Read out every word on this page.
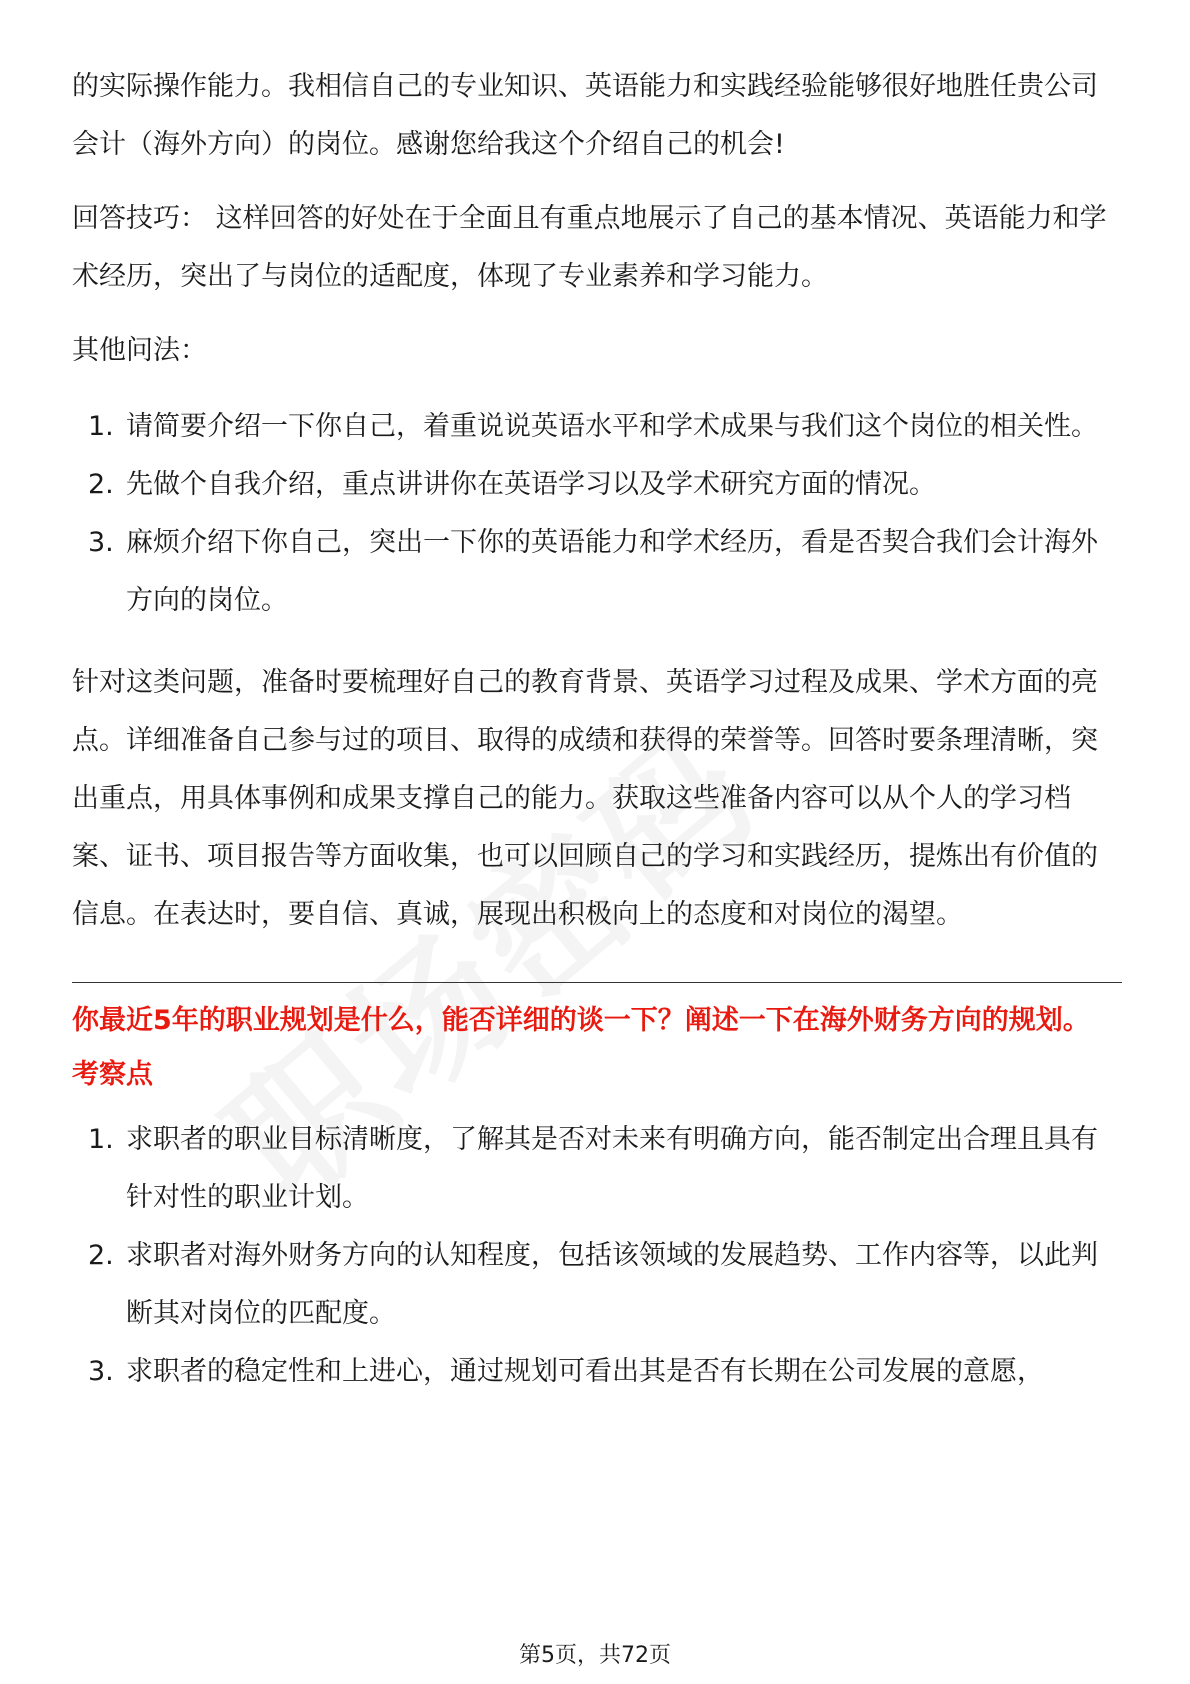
的实际操作能力。我相信自己的专业知识、英语能力和实践经验能够很好地胜任贵公司会计（海外方向）的岗位。感谢您给我这个介绍自己的机会!

回答技巧： 这样回答的好处在于全面且有重点地展示了自己的基本情况、英语能力和学术经历，突出了与岗位的适配度，体现了专业素养和学习能力。

其他问法：

1. 请简要介绍一下你自己，着重说说英语水平和学术成果与我们这个岗位的相关性。
2. 先做个自我介绍，重点讲讲你在英语学习以及学术研究方面的情况。
3. 麻烦介绍下你自己，突出一下你的英语能力和学术经历，看是否契合我们会计海外方向的岗位。

针对这类问题，准备时要梳理好自己的教育背景、英语学习过程及成果、学术方面的亮点。详细准备自己参与过的项目、取得的成绩和获得的荣誉等。回答时要条理清晰，突出重点，用具体事例和成果支撑自己的能力。获取这些准备内容可以从个人的学习档案、证书、项目报告等方面收集，也可以回顾自己的学习和实践经历，提炼出有价值的信息。在表达时，要自信、真诚，展现出积极向上的态度和对岗位的渴望。

你最近5年的职业规划是什么，能否详细的谈一下？阐述一下在海外财务方向的规划。

考察点

1. 求职者的职业目标清晰度，了解其是否对未来有明确方向，能否制定出合理且具有针对性的职业计划。
2. 求职者对海外财务方向的认知程度，包括该领域的发展趋势、工作内容等，以此判断其对岗位的匹配度。
3. 求职者的稳定性和上进心，通过规划可看出其是否有长期在公司发展的意愿，
第5页，共72页
